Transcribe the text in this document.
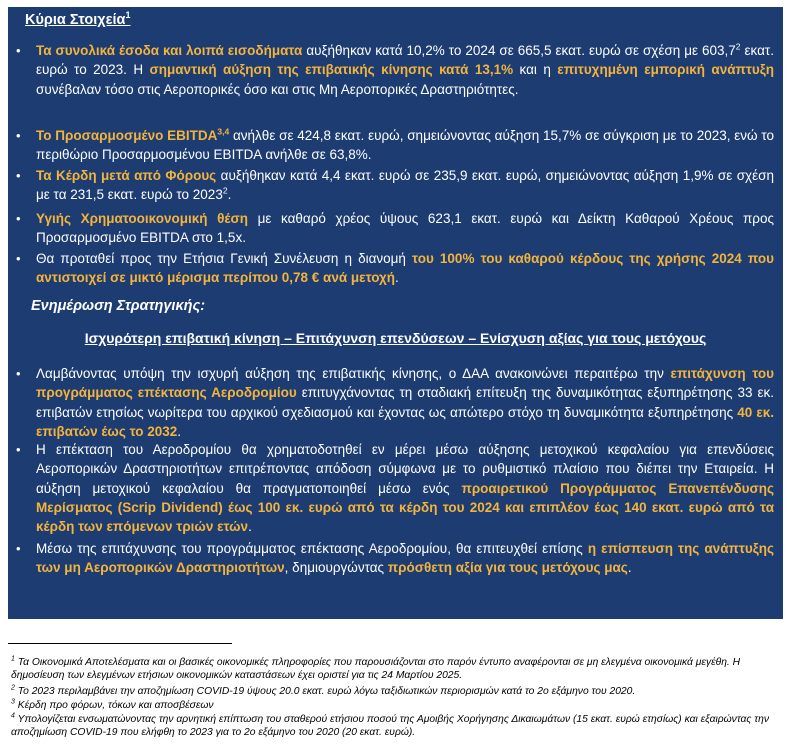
Κύρια Στοιχεία$^1$
• Τα συνολικά έσοδα και λοιπά εισοδήματα αυξήθηκαν κατά 10,2% το 2024 σε 665,5 εκατ. ευρώ σε σχέση με 603,7$^2$ εκατ. ευρώ το 2023. Η σημαντική αύξηση της επιβατικής κίνησης κατά 13,1% και η επιτυχημένη εμπορική ανάπτυξη συνέβαλαν τόσο στις Αεροπορικές όσο και στις Μη Αεροπορικές Δραστηριότητες.
• Το Προσαρμοσμένο EBITDA$^{3,4}$ ανήλθε σε 424,8 εκατ. ευρώ, σημειώνοντας αύξηση 15,7% σε σύγκριση με το 2023, ενώ το περιθώριο Προσαρμοσμένου EBITDA ανήλθε σε 63,8%.
• Τα Κέρδη μετά από Φόρους αυξήθηκαν κατά 4,4 εκατ. ευρώ σε 235,9 εκατ. ευρώ, σημειώνοντας αύξηση 1,9% σε σχέση με τα 231,5 εκατ. ευρώ το 2023$^2$.
• Υγιής Χρηματοοικονομική θέση με καθαρό χρέος ύψους 623,1 εκατ. ευρώ και Δείκτη Καθαρού Χρέους προς Προσαρμοσμένο EBITDA στο 1,5x.
• Θα προταθεί προς την Ετήσια Γενική Συνέλευση η διανομή του 100% του καθαρού κέρδους της χρήσης 2024 που αντιστοιχεί σε μικτό μέρισμα περίπου 0,78 € ανά μετοχή.
Ενημέρωση Στρατηγικής:
Ισχυρότερη επιβατική κίνηση – Επιτάχυνση επενδύσεων – Ενίσχυση αξίας για τους μετόχους
• Λαμβάνοντας υπόψη την ισχυρή αύξηση της επιβατικής κίνησης, ο ΔΑΑ ανακοινώνει περαιτέρω την επιτάχυνση του προγράμματος επέκτασης Αεροδρομίου επιτυγχάνοντας τη σταδιακή επίτευξη της δυναμικότητας εξυπηρέτησης 33 εκ. επιβατών ετησίως νωρίτερα του αρχικού σχεδιασμού και έχοντας ως απώτερο στόχο τη δυναμικότητα εξυπηρέτησης 40 εκ. επιβατών έως το 2032.
• Η επέκταση του Αεροδρομίου θα χρηματοδοτηθεί εν μέρει μέσω αύξησης μετοχικού κεφαλαίου για επενδύσεις Αεροπορικών Δραστηριοτήτων επιτρέποντας απόδοση σύμφωνα με το ρυθμιστικό πλαίσιο που διέπει την Εταιρεία. Η αύξηση μετοχικού κεφαλαίου θα πραγματοποιηθεί μέσω ενός προαιρετικού Προγράμματος Επανεπένδυσης Μερίσματος (Scrip Dividend) έως 100 εκ. ευρώ από τα κέρδη του 2024 και επιπλέον έως 140 εκατ. ευρώ από τα κέρδη των επόμενων τριών ετών.
• Μέσω της επιτάχυνσης του προγράμματος επέκτασης Αεροδρομίου, θα επιτευχθεί επίσης η επίσπευση της ανάπτυξης των μη Αεροπορικών Δραστηριοτήτων, δημιουργώντας πρόσθετη αξία για τους μετόχους μας.
$^1$ Τα Οικονομικά Αποτελέσματα και οι βασικές οικονομικές πληροφορίες που παρουσιάζονται στο παρόν έντυπο αναφέρονται σε μη ελεγμένα οικονομικά μεγέθη. Η δημοσίευση των ελεγμένων ετήσιων οικονομικών καταστάσεων έχει οριστεί για τις 24 Μαρτίου 2025.
$^2$ Το 2023 περιλαμβάνει την αποζημίωση COVID-19 ύψους 20.0 εκατ. ευρώ λόγω ταξιδιωτικών περιορισμών κατά το 2ο εξάμηνο του 2020.
$^3$ Κέρδη προ φόρων, τόκων και αποσβέσεων
$^4$ Υπολογίζεται ενσωματώνοντας την αρνητική επίπτωση του σταθερού ετήσιου ποσού της Αμοιβής Χορήγησης Δικαιωμάτων (15 εκατ. ευρώ ετησίως) και εξαιρώντας την αποζημίωση COVID-19 που ελήφθη το 2023 για το 2ο εξάμηνο του 2020 (20 εκατ. ευρώ).
